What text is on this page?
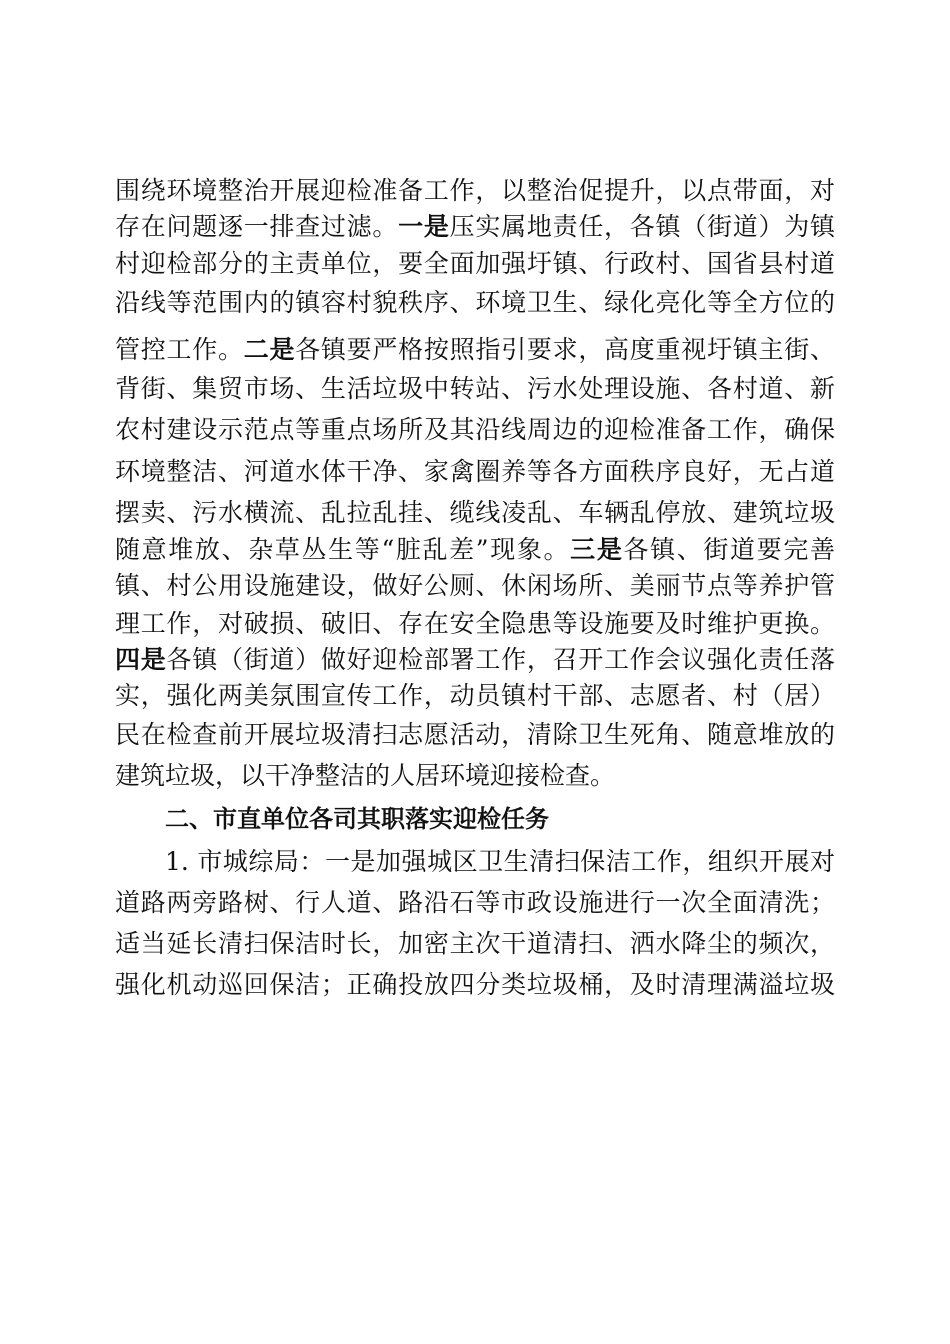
围绕环境整治开展迎检准备工作，以整治促提升，以点带面，对
存在问题逐一排查过滤。一是压实属地责任，各镇（街道）为镇
村迎检部分的主责单位，要全面加强圩镇、行政村、国省县村道
沿线等范围内的镇容村貌秩序、环境卫生、绿化亮化等全方位的
管控工作。二是各镇要严格按照指引要求，高度重视圩镇主街、
背街、集贸市场、生活垃圾中转站、污水处理设施、各村道、新
农村建设示范点等重点场所及其沿线周边的迎检准备工作，确保
环境整洁、河道水体干净、家禽圈养等各方面秩序良好，无占道
摆卖、污水横流、乱拉乱挂、缆线凌乱、车辆乱停放、建筑垃圾
随意堆放、杂草丛生等“脏乱差”现象。三是各镇、街道要完善
镇、村公用设施建设，做好公厕、休闲场所、美丽节点等养护管
理工作，对破损、破旧、存在安全隐患等设施要及时维护更换。
四是各镇（街道）做好迎检部署工作，召开工作会议强化责任落
实，强化两美氛围宣传工作，动员镇村干部、志愿者、村（居）
民在检查前开展垃圾清扫志愿活动，清除卫生死角、随意堆放的
建筑垃圾，以干净整洁的人居环境迎接检查。
二、市直单位各司其职落实迎检任务
1. 市城综局：一是加强城区卫生清扫保洁工作，组织开展对
道路两旁路树、行人道、路沿石等市政设施进行一次全面清洗；
适当延长清扫保洁时长，加密主次干道清扫、洒水降尘的频次，
强化机动巡回保洁；正确投放四分类垃圾桶，及时清理满溢垃圾
